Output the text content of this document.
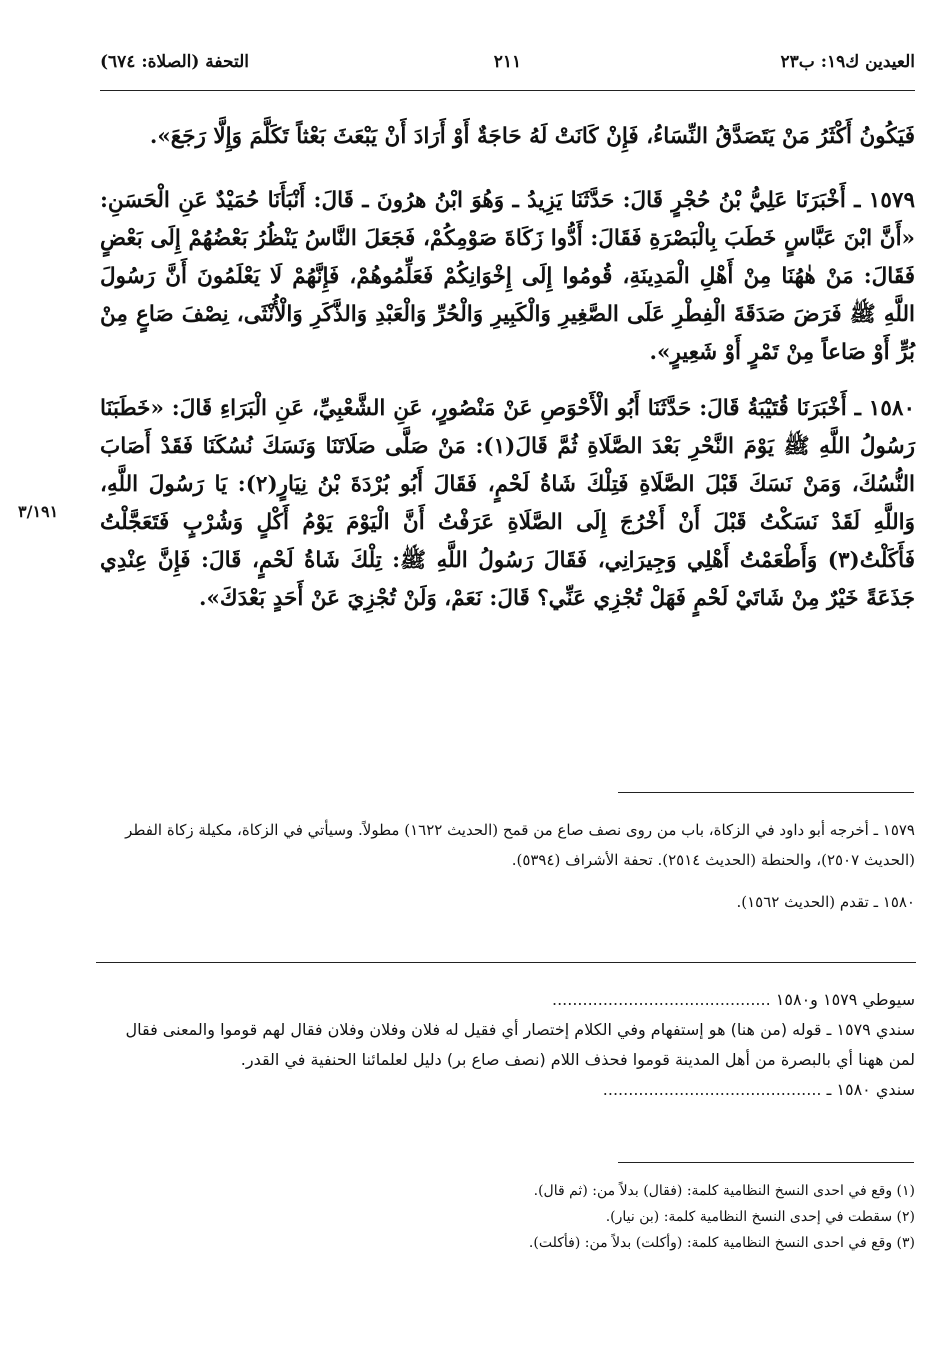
العيدين ك١٩: ب٢٣
٢١١
التحفة (الصلاة: ٦٧٤)
٣/١٩١

فَيَكُونُ أَكْثَرُ مَنْ يَتَصَدَّقُ النِّسَاءُ، فَإِنْ كَانَتْ لَهُ حَاجَةٌ أَوْ أَرَادَ أَنْ يَبْعَثَ بَعْثاً تَكَلَّمَ وَإِلَّا رَجَعَ».

١٥٧٩ ـ أَخْبَرَنَا عَلِيُّ بْنُ حُجْرٍ قَالَ: حَدَّثَنَا يَزِيدُ ـ وَهُوَ ابْنُ هرُونَ ـ قَالَ: أَنْبَأَنَا حُمَيْدٌ عَنِ الْحَسَنِ: «أَنَّ ابْنَ عَبَّاسٍ خَطَبَ بِالْبَصْرَةِ فَقَالَ: أَدُّوا زَكَاةَ صَوْمِكُمْ، فَجَعَلَ النَّاسُ يَنْظُرُ بَعْضُهُمْ إِلَى بَعْضٍ فَقَالَ: مَنْ هٰهُنَا مِنْ أَهْلِ الْمَدِينَةِ، قُومُوا إِلَى إِخْوَانِكُمْ فَعَلِّمُوهُمْ، فَإِنَّهُمْ لَا يَعْلَمُونَ أَنَّ رَسُولَ اللَّهِ ﷺ فَرَضَ صَدَقَةَ الْفِطْرِ عَلَى الصَّغِيرِ وَالْكَبِيرِ وَالْحُرِّ وَالْعَبْدِ وَالذَّكَرِ وَالْأُنْثَى، نِصْفَ صَاعٍ مِنْ بُرٍّ أَوْ صَاعاً مِنْ تَمْرٍ أَوْ شَعِيرٍ».

١٥٨٠ ـ أَخْبَرَنَا قُتَيْبَةُ قَالَ: حَدَّثَنَا أَبُو الْأَحْوَصِ عَنْ مَنْصُورٍ، عَنِ الشَّعْبِيِّ، عَنِ الْبَرَاءِ قَالَ: «خَطَبَنَا رَسُولُ اللَّهِ ﷺ يَوْمَ النَّحْرِ بَعْدَ الصَّلَاةِ ثُمَّ قَالَ(١): مَنْ صَلَّى صَلَاتَنَا وَنَسَكَ نُسُكَنَا فَقَدْ أَصَابَ النُّسُكَ، وَمَنْ نَسَكَ قَبْلَ الصَّلَاةِ فَتِلْكَ شَاةُ لَحْمٍ، فَقَالَ أَبُو بُرْدَةَ بْنُ نِيَارٍ(٢): يَا رَسُولَ اللَّهِ، وَاللَّهِ لَقَدْ نَسَكْتُ قَبْلَ أَنْ أَخْرُجَ إِلَى الصَّلَاةِ عَرَفْتُ أَنَّ الْيَوْمَ يَوْمُ أَكْلٍ وَشُرْبٍ فَتَعَجَّلْتُ فَأَكَلْتُ(٣) وَأَطْعَمْتُ أَهْلِي وَجِيرَانِي، فَقَالَ رَسُولُ اللَّهِ ﷺ: تِلْكَ شَاةُ لَحْمٍ، قَالَ: فَإِنَّ عِنْدِي جَذَعَةً خَيْرٌ مِنْ شَاتَيْ لَحْمٍ فَهَلْ تُجْزِي عَنِّي؟ قَالَ: نَعَمْ، وَلَنْ تُجْزِيَ عَنْ أَحَدٍ بَعْدَكَ».

١٥٧٩ ـ أخرجه أبو داود في الزكاة، باب من روى نصف صاع من قمح (الحديث ١٦٢٢) مطولاً. وسيأتي في الزكاة، مكيلة زكاة الفطر (الحديث ٢٥٠٧)، والحنطة (الحديث ٢٥١٤). تحفة الأشراف (٥٣٩٤).

١٥٨٠ ـ تقدم (الحديث ١٥٦٢).

سيوطي ١٥٧٩ و١٥٨٠ ...........................................

سندي ١٥٧٩ ـ قوله (من هنا) هو إستفهام وفي الكلام إختصار أي فقيل له فلان وفلان وفلان فقال لهم قوموا والمعنى فقال لمن ههنا أي بالبصرة من أهل المدينة قوموا فحذف اللام (نصف صاع بر) دليل لعلمائنا الحنفية في القدر.

سندي ١٥٨٠ ـ ...........................................

(١) وقع في احدى النسخ النظامية كلمة: (فقال) بدلاً من: (ثم قال).

(٢) سقطت في إحدى النسخ النظامية كلمة: (بن نيار).

(٣) وقع في احدى النسخ النظامية كلمة: (وأكلت) بدلاً من: (فأكلت).
